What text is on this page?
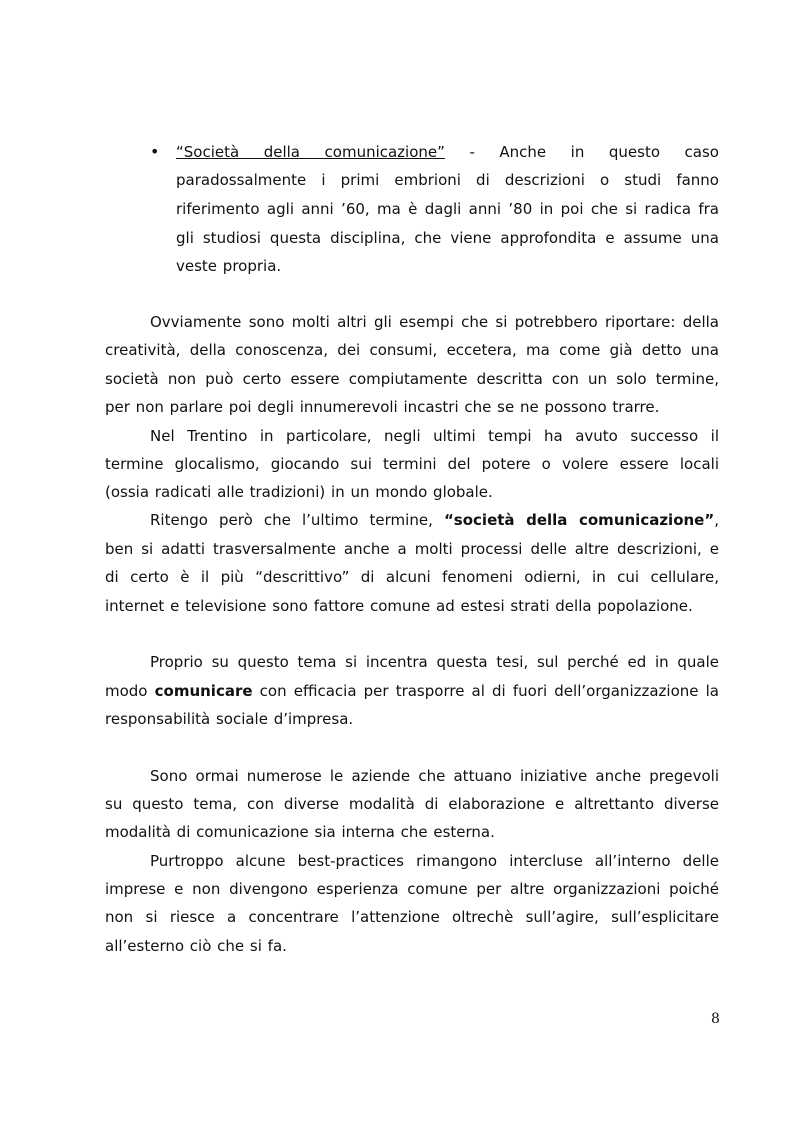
• “Società della comunicazione” - Anche in questo caso
paradossalmente i primi embrioni di descrizioni o studi fanno
riferimento agli anni ’60, ma è dagli anni ’80 in poi che si radica fra
gli studiosi questa disciplina, che viene approfondita e assume una
veste propria.
Ovviamente sono molti altri gli esempi che si potrebbero riportare: della
creatività, della conoscenza, dei consumi, eccetera, ma come già detto una
società non può certo essere compiutamente descritta con un solo termine,
per non parlare poi degli innumerevoli incastri che se ne possono trarre.
Nel Trentino in particolare, negli ultimi tempi ha avuto successo il
termine glocalismo, giocando sui termini del potere o volere essere locali
(ossia radicati alle tradizioni) in un mondo globale.
Ritengo però che l’ultimo termine, “società della comunicazione”,
ben si adatti trasversalmente anche a molti processi delle altre descrizioni, e
di certo è il più “descrittivo” di alcuni fenomeni odierni, in cui cellulare,
internet e televisione sono fattore comune ad estesi strati della popolazione.
Proprio su questo tema si incentra questa tesi, sul perché ed in quale
modo comunicare con efficacia per trasporre al di fuori dell’organizzazione la
responsabilità sociale d’impresa.
Sono ormai numerose le aziende che attuano iniziative anche pregevoli
su questo tema, con diverse modalità di elaborazione e altrettanto diverse
modalità di comunicazione sia interna che esterna.
Purtroppo alcune best-practices rimangono intercluse all’interno delle
imprese e non divengono esperienza comune per altre organizzazioni poiché
non si riesce a concentrare l’attenzione oltrechè sull’agire, sull’esplicitare
all’esterno ciò che si fa.
8
